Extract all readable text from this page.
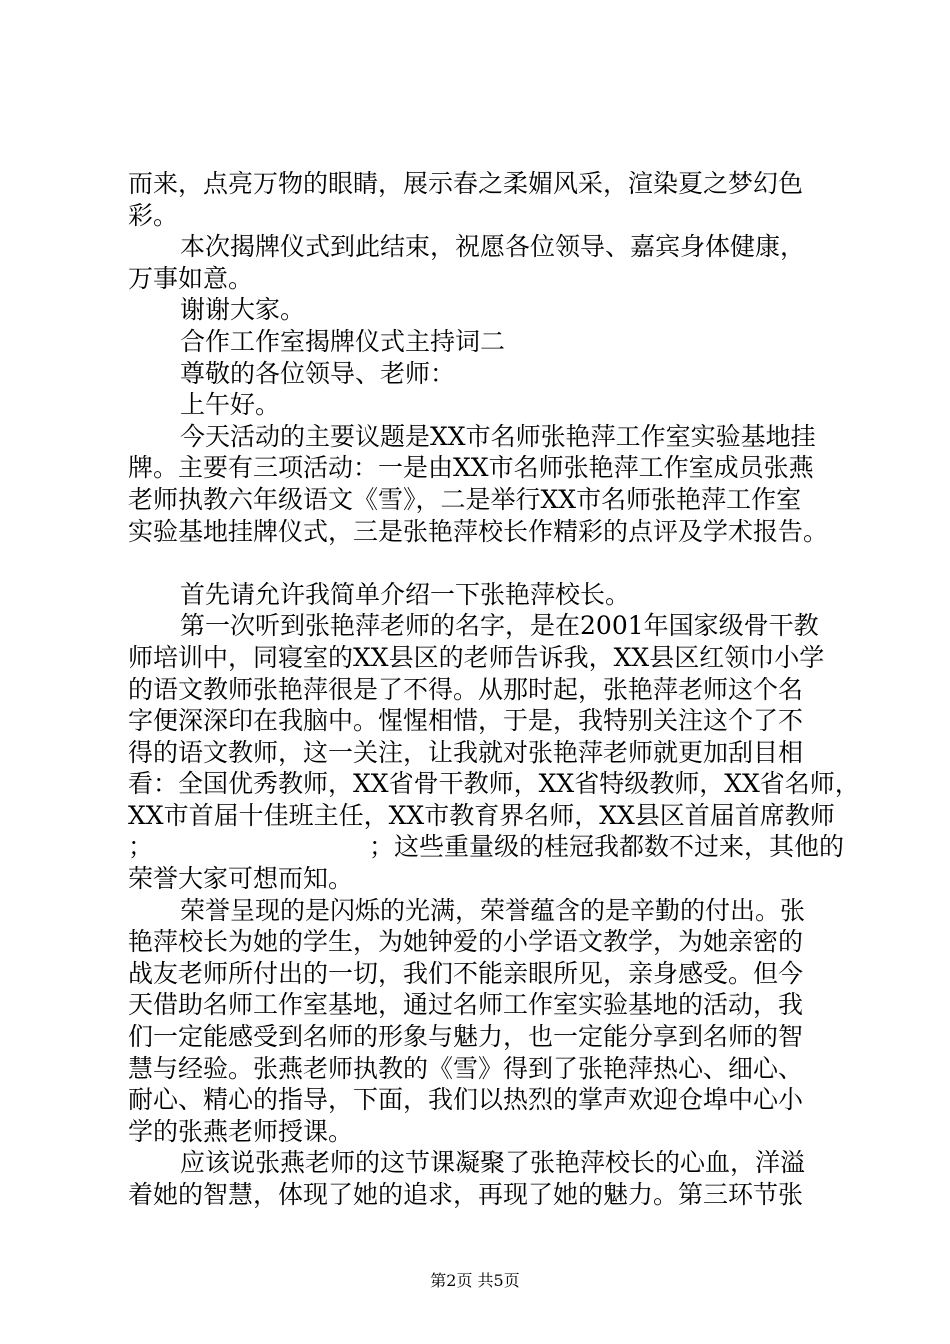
而来，点亮万物的眼睛，展示春之柔媚风采，渲染夏之梦幻色
彩。
本次揭牌仪式到此结束，祝愿各位领导、嘉宾身体健康，
万事如意。
谢谢大家。
合作工作室揭牌仪式主持词二
尊敬的各位领导、老师：
上午好。
今天活动的主要议题是XX市名师张艳萍工作室实验基地挂
牌。主要有三项活动：一是由XX市名师张艳萍工作室成员张燕
老师执教六年级语文《雪》，二是举行XX市名师张艳萍工作室
实验基地挂牌仪式，三是张艳萍校长作精彩的点评及学术报告。
首先请允许我简单介绍一下张艳萍校长。
第一次听到张艳萍老师的名字，是在2001年国家级骨干教
师培训中，同寝室的XX县区的老师告诉我，XX县区红领巾小学
的语文教师张艳萍很是了不得。从那时起，张艳萍老师这个名
字便深深印在我脑中。惺惺相惜，于是，我特别关注这个了不
得的语文教师，这一关注，让我就对张艳萍老师就更加刮目相
看：全国优秀教师，XX省骨干教师，XX省特级教师，XX省名师，
XX市首届十佳班主任，XX市教育界名师，XX县区首届首席教师
；	；这些重量级的桂冠我都数不过来，其他的
荣誉大家可想而知。
荣誉呈现的是闪烁的光满，荣誉蕴含的是辛勤的付出。张
艳萍校长为她的学生，为她钟爱的小学语文教学，为她亲密的
战友老师所付出的一切，我们不能亲眼所见，亲身感受。但今
天借助名师工作室基地，通过名师工作室实验基地的活动，我
们一定能感受到名师的形象与魅力，也一定能分享到名师的智
慧与经验。张燕老师执教的《雪》得到了张艳萍热心、细心、
耐心、精心的指导，下面，我们以热烈的掌声欢迎仓埠中心小
学的张燕老师授课。
应该说张燕老师的这节课凝聚了张艳萍校长的心血，洋溢
着她的智慧，体现了她的追求，再现了她的魅力。第三环节张
第2页 共5页
